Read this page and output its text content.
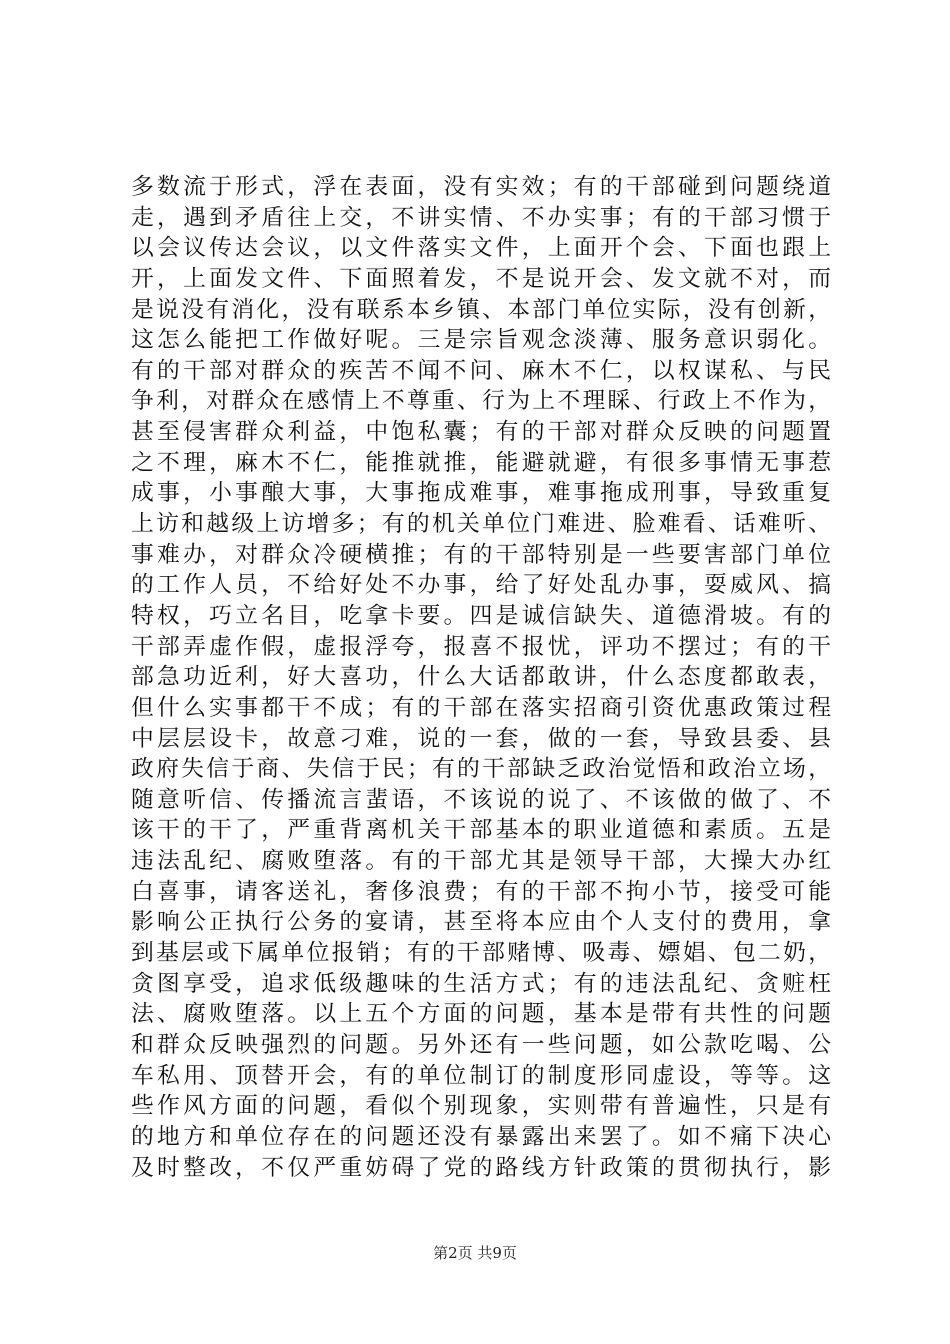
多数流于形式，浮在表面，没有实效；有的干部碰到问题绕道
走，遇到矛盾往上交，不讲实情、不办实事；有的干部习惯于
以会议传达会议，以文件落实文件，上面开个会、下面也跟上
开，上面发文件、下面照着发，不是说开会、发文就不对，而
是说没有消化，没有联系本乡镇、本部门单位实际，没有创新，
这怎么能把工作做好呢。三是宗旨观念淡薄、服务意识弱化。
有的干部对群众的疾苦不闻不问、麻木不仁，以权谋私、与民
争利，对群众在感情上不尊重、行为上不理睬、行政上不作为，
甚至侵害群众利益，中饱私囊；有的干部对群众反映的问题置
之不理，麻木不仁，能推就推，能避就避，有很多事情无事惹
成事，小事酿大事，大事拖成难事，难事拖成刑事，导致重复
上访和越级上访增多；有的机关单位门难进、脸难看、话难听、
事难办，对群众冷硬横推；有的干部特别是一些要害部门单位
的工作人员，不给好处不办事，给了好处乱办事，耍威风、搞
特权，巧立名目，吃拿卡要。四是诚信缺失、道德滑坡。有的
干部弄虚作假，虚报浮夸，报喜不报忧，评功不摆过；有的干
部急功近利，好大喜功，什么大话都敢讲，什么态度都敢表，
但什么实事都干不成；有的干部在落实招商引资优惠政策过程
中层层设卡，故意刁难，说的一套，做的一套，导致县委、县
政府失信于商、失信于民；有的干部缺乏政治觉悟和政治立场，
随意听信、传播流言蜚语，不该说的说了、不该做的做了、不
该干的干了，严重背离机关干部基本的职业道德和素质。五是
违法乱纪、腐败堕落。有的干部尤其是领导干部，大操大办红
白喜事，请客送礼，奢侈浪费；有的干部不拘小节，接受可能
影响公正执行公务的宴请，甚至将本应由个人支付的费用，拿
到基层或下属单位报销；有的干部赌博、吸毒、嫖娼、包二奶，
贪图享受，追求低级趣味的生活方式；有的违法乱纪、贪赃枉
法、腐败堕落。以上五个方面的问题，基本是带有共性的问题
和群众反映强烈的问题。另外还有一些问题，如公款吃喝、公
车私用、顶替开会，有的单位制订的制度形同虚设，等等。这
些作风方面的问题，看似个别现象，实则带有普遍性，只是有
的地方和单位存在的问题还没有暴露出来罢了。如不痛下决心
及时整改，不仅严重妨碍了党的路线方针政策的贯彻执行，影
第2页 共9页
